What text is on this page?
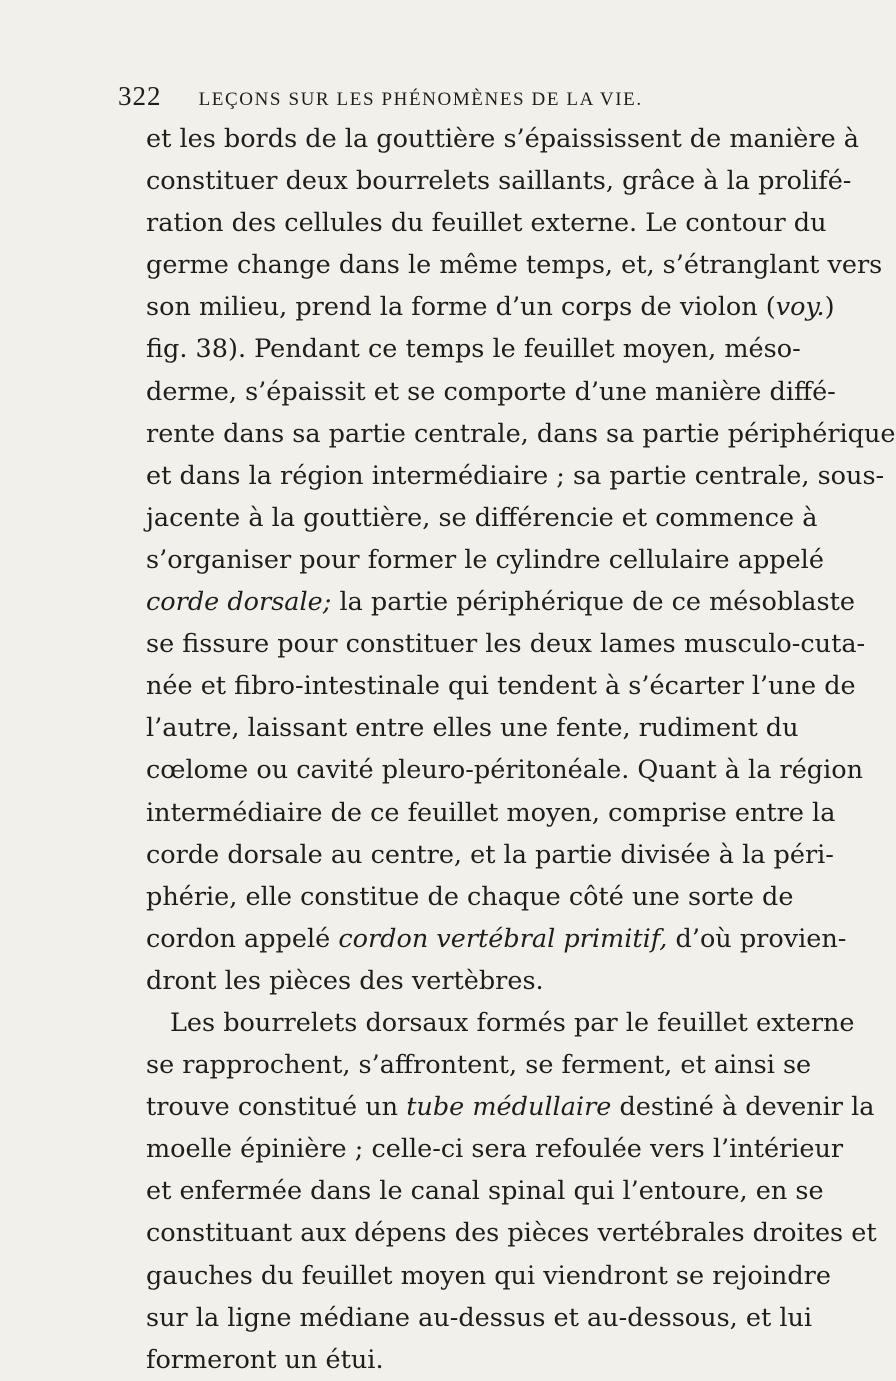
322 LEÇONS SUR LES PHÉNOMÈNES DE LA VIE.
et les bords de la gouttière s’épaississent de manière à
constituer deux bourrelets saillants, grâce à la prolifé-
ration des cellules du feuillet externe. Le contour du
germe change dans le même temps, et, s’étranglant vers
son milieu, prend la forme d’un corps de violon (voy.)
fig. 38). Pendant ce temps le feuillet moyen, méso-
derme, s’épaissit et se comporte d’une manière diffé-
rente dans sa partie centrale, dans sa partie périphérique
et dans la région intermédiaire ; sa partie centrale, sous-
jacente à la gouttière, se différencie et commence à
s’organiser pour former le cylindre cellulaire appelé
corde dorsale; la partie périphérique de ce mésoblaste
se fissure pour constituer les deux lames musculo-cuta-
née et fibro-intestinale qui tendent à s’écarter l’une de
l’autre, laissant entre elles une fente, rudiment du
cœlome ou cavité pleuro-péritonéale. Quant à la région
intermédiaire de ce feuillet moyen, comprise entre la
corde dorsale au centre, et la partie divisée à la péri-
phérie, elle constitue de chaque côté une sorte de
cordon appelé cordon vertébral primitif, d’où provien-
dront les pièces des vertèbres.
Les bourrelets dorsaux formés par le feuillet externe
se rapprochent, s’affrontent, se ferment, et ainsi se
trouve constitué un tube médullaire destiné à devenir la
moelle épinière ; celle-ci sera refoulée vers l’intérieur
et enfermée dans le canal spinal qui l’entoure, en se
constituant aux dépens des pièces vertébrales droites et
gauches du feuillet moyen qui viendront se rejoindre
sur la ligne médiane au-dessus et au-dessous, et lui
formeront un étui.
